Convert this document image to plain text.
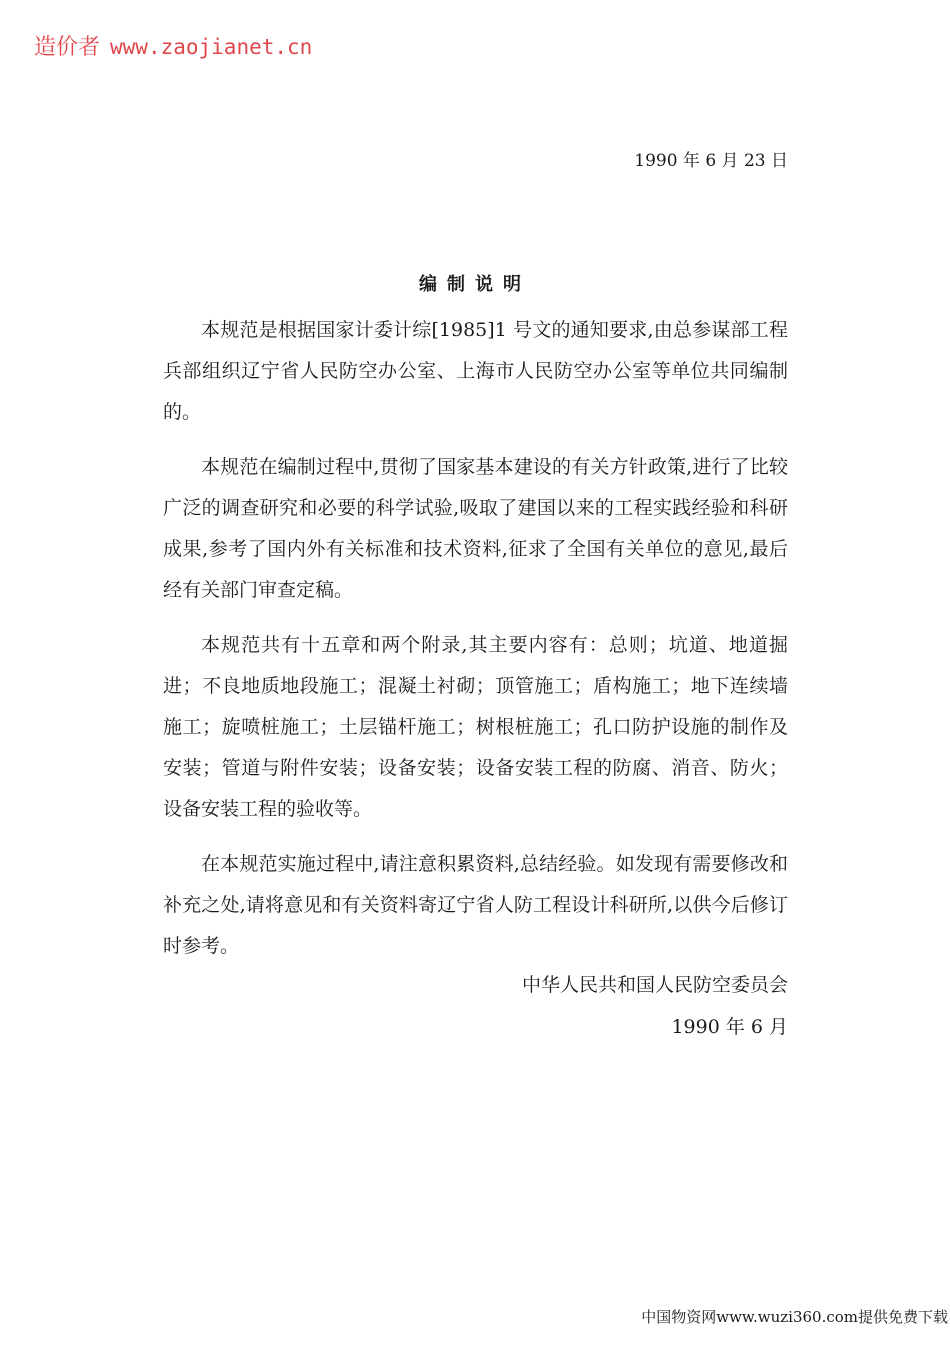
造价者 www.zaojianet.cn
1990 年 6 月 23 日
编制说明

本规范是根据国家计委计综[1985]1 号文的通知要求,由总参谋部工程兵部组织辽宁省人民防空办公室、上海市人民防空办公室等单位共同编制的。

本规范在编制过程中,贯彻了国家基本建设的有关方针政策,进行了比较广泛的调查研究和必要的科学试验,吸取了建国以来的工程实践经验和科研成果,参考了国内外有关标准和技术资料,征求了全国有关单位的意见,最后经有关部门审查定稿。

本规范共有十五章和两个附录,其主要内容有：总则；坑道、地道掘进；不良地质地段施工；混凝土衬砌；顶管施工；盾构施工；地下连续墙施工；旋喷桩施工；土层锚杆施工；树根桩施工；孔口防护设施的制作及安装；管道与附件安装；设备安装；设备安装工程的防腐、消音、防火；设备安装工程的验收等。

在本规范实施过程中,请注意积累资料,总结经验。如发现有需要修改和补充之处,请将意见和有关资料寄辽宁省人防工程设计科研所,以供今后修订时参考。

中华人民共和国人民防空委员会
1990 年 6 月
中国物资网www.wuzi360.com提供免费下载
